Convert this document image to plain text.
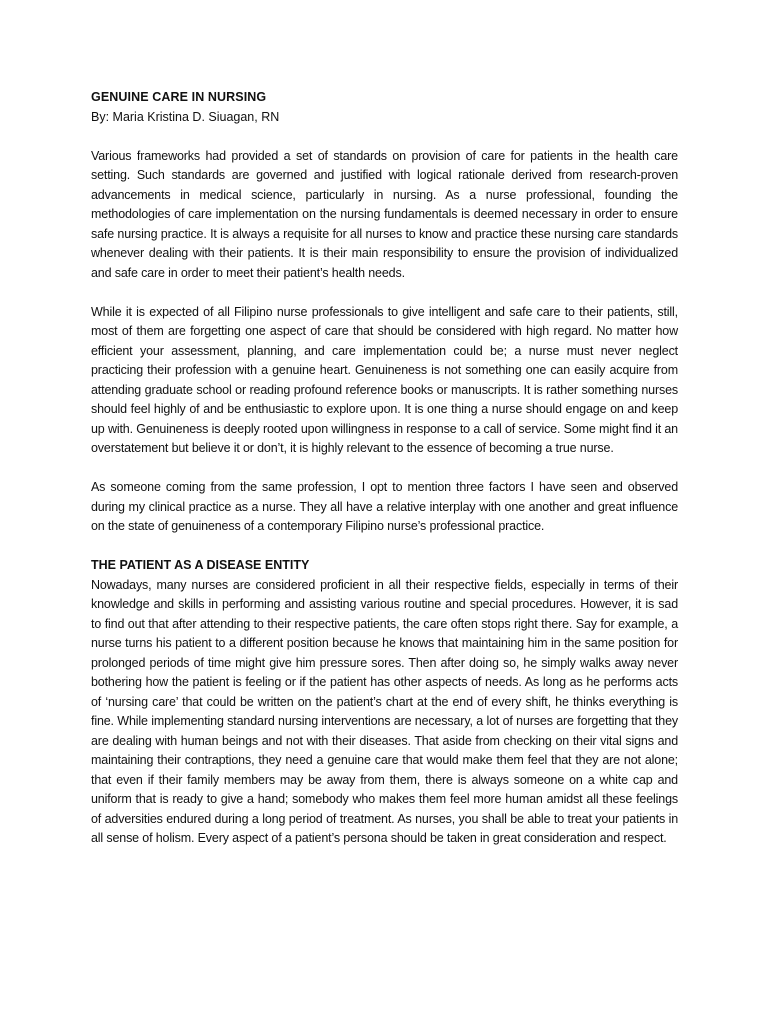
GENUINE CARE IN NURSING

By: Maria Kristina D. Siuagan, RN

Various frameworks had provided a set of standards on provision of care for patients in the health care setting. Such standards are governed and justified with logical rationale derived from research-proven advancements in medical science, particularly in nursing. As a nurse professional, founding the methodologies of care implementation on the nursing fundamentals is deemed necessary in order to ensure safe nursing practice. It is always a requisite for all nurses to know and practice these nursing care standards whenever dealing with their patients. It is their main responsibility to ensure the provision of individualized and safe care in order to meet their patient’s health needs.

While it is expected of all Filipino nurse professionals to give intelligent and safe care to their patients, still, most of them are forgetting one aspect of care that should be considered with high regard. No matter how efficient your assessment, planning, and care implementation could be; a nurse must never neglect practicing their profession with a genuine heart. Genuineness is not something one can easily acquire from attending graduate school or reading profound reference books or manuscripts. It is rather something nurses should feel highly of and be enthusiastic to explore upon. It is one thing a nurse should engage on and keep up with. Genuineness is deeply rooted upon willingness in response to a call of service. Some might find it an overstatement but believe it or don’t, it is highly relevant to the essence of becoming a true nurse.

As someone coming from the same profession, I opt to mention three factors I have seen and observed during my clinical practice as a nurse. They all have a relative interplay with one another and great influence on the state of genuineness of a contemporary Filipino nurse’s professional practice.

THE PATIENT AS A DISEASE ENTITY

Nowadays, many nurses are considered proficient in all their respective fields, especially in terms of their knowledge and skills in performing and assisting various routine and special procedures. However, it is sad to find out that after attending to their respective patients, the care often stops right there. Say for example, a nurse turns his patient to a different position because he knows that maintaining him in the same position for prolonged periods of time might give him pressure sores. Then after doing so, he simply walks away never bothering how the patient is feeling or if the patient has other aspects of needs. As long as he performs acts of ‘nursing care’ that could be written on the patient’s chart at the end of every shift, he thinks everything is fine. While implementing standard nursing interventions are necessary, a lot of nurses are forgetting that they are dealing with human beings and not with their diseases. That aside from checking on their vital signs and maintaining their contraptions, they need a genuine care that would make them feel that they are not alone; that even if their family members may be away from them, there is always someone on a white cap and uniform that is ready to give a hand; somebody who makes them feel more human amidst all these feelings of adversities endured during a long period of treatment. As nurses, you shall be able to treat your patients in all sense of holism. Every aspect of a patient’s persona should be taken in great consideration and respect.
